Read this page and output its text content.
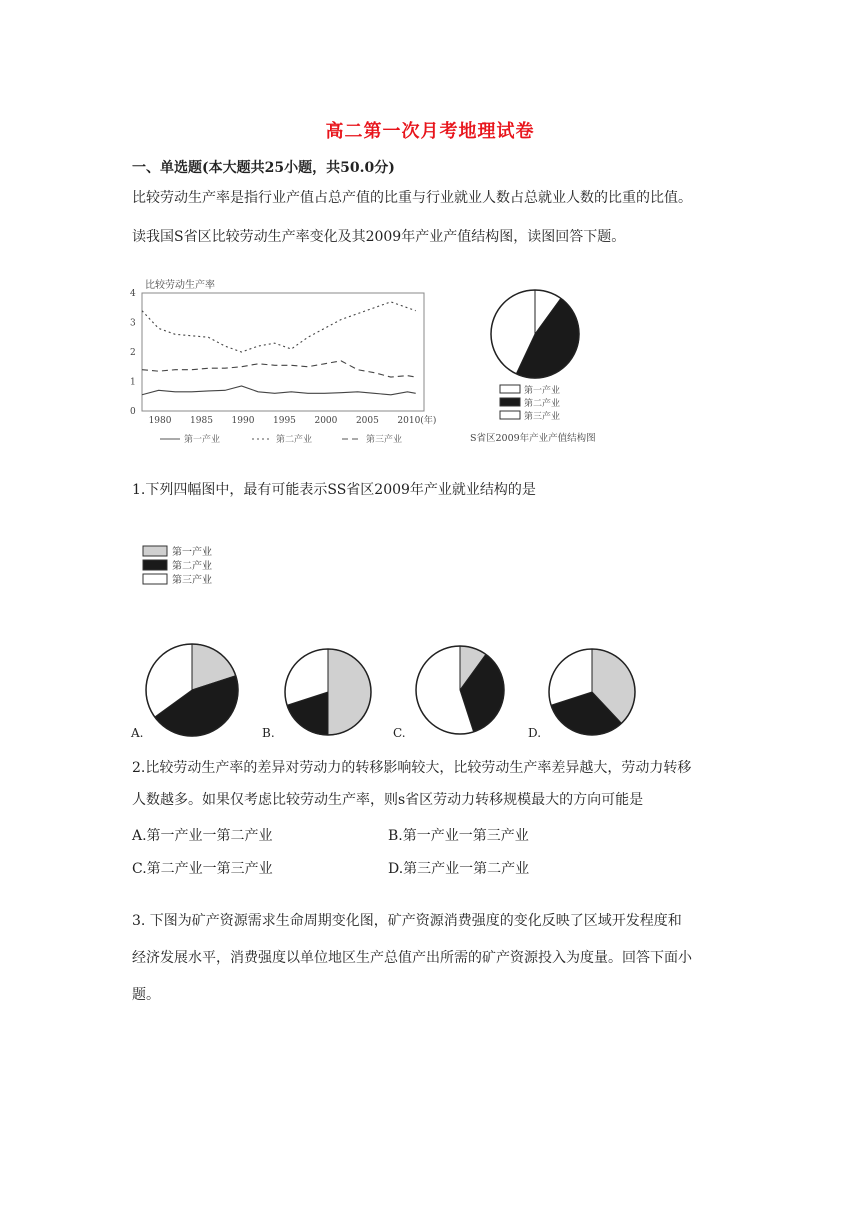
高二第一次月考地理试卷
一、单选题(本大题共25小题，共50.0分)
比较劳动生产率是指行业产值占总产值的比重与行业就业人数占总就业人数的比重的比值。
读我国S省区比较劳动生产率变化及其2009年产业产值结构图，读图回答下题。
比较劳动生产率
0
1
2
3
4
1980 1985 1990 1995 2000 2005 2010(年)
第一产业	第二产业	第三产业
第一产业
第二产业
第三产业
S省区2009年产业产值结构图
1.下列四幅图中，最有可能表示SS省区2009年产业就业结构的是
第一产业
第二产业
第三产业
A.	B.	C.	D.
2.比较劳动生产率的差异对劳动力的转移影响较大，比较劳动生产率差异越大，劳动力转移
人数越多。如果仅考虑比较劳动生产率，则s省区劳动力转移规模最大的方向可能是
A.第一产业一第二产业	B.第一产业一第三产业
C.第二产业一第三产业	D.第三产业一第二产业
3. 下图为矿产资源需求生命周期变化图，矿产资源消费强度的变化反映了区域开发程度和
经济发展水平，消费强度以单位地区生产总值产出所需的矿产资源投入为度量。回答下面小
题。
